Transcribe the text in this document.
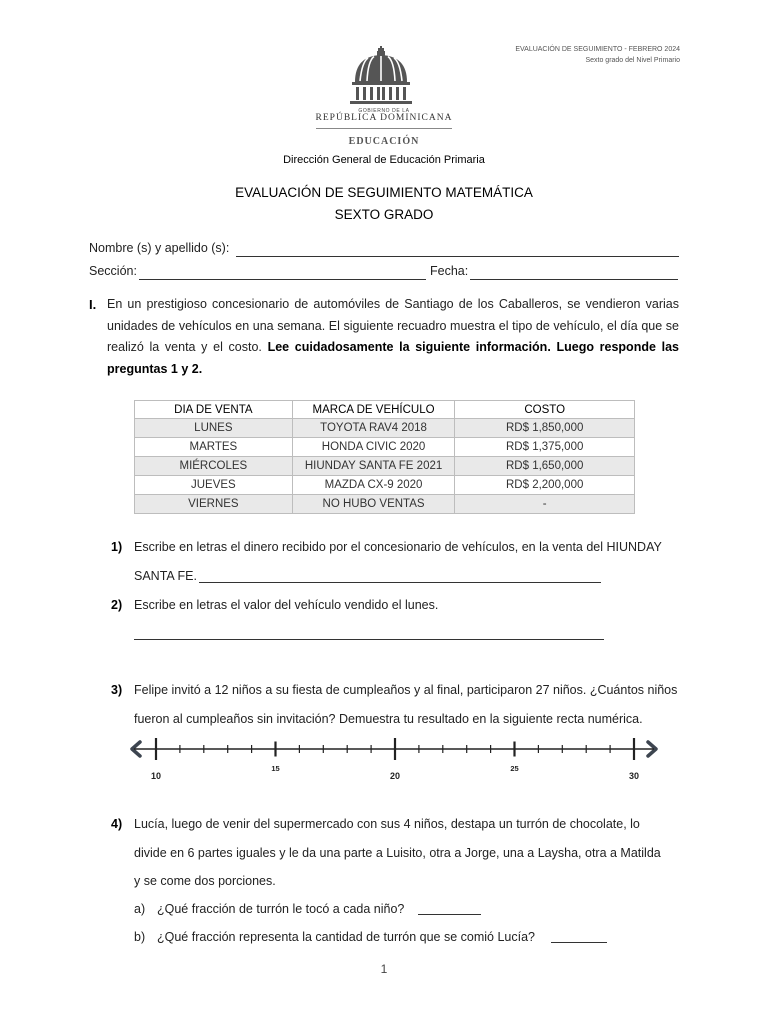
EVALUACIÓN DE SEGUIMIENTO - FEBRERO 2024
Sexto grado del Nivel Primario
GOBIERNO DE LA
REPÚBLICA DOMINICANA
EDUCACIÓN
Dirección General de Educación Primaria
EVALUACIÓN DE SEGUIMIENTO MATEMÁTICA
SEXTO GRADO
Nombre (s) y apellido (s):
Sección:	Fecha:
I. En un prestigioso concesionario de automóviles de Santiago de los Caballeros, se vendieron varias unidades de vehículos en una semana. El siguiente recuadro muestra el tipo de vehículo, el día que se realizó la venta y el costo. Lee cuidadosamente la siguiente información. Luego responde las preguntas 1 y 2.
DIA DE VENTA	MARCA DE VEHÍCULO	COSTO
LUNES	TOYOTA RAV4 2018	RD$ 1,850,000
MARTES	HONDA CIVIC 2020	RD$ 1,375,000
MIÉRCOLES	HIUNDAY SANTA FE 2021	RD$ 1,650,000
JUEVES	MAZDA CX-9 2020	RD$ 2,200,000
VIERNES	NO HUBO VENTAS	-
1) Escribe en letras el dinero recibido por el concesionario de vehículos, en la venta del HIUNDAY
SANTA FE.
2) Escribe en letras el valor del vehículo vendido el lunes.
3) Felipe invitó a 12 niños a su fiesta de cumpleaños y al final, participaron 27 niños. ¿Cuántos niños
fueron al cumpleaños sin invitación? Demuestra tu resultado en la siguiente recta numérica.
10
15
20
25
30
4) Lucía, luego de venir del supermercado con sus 4 niños, destapa un turrón de chocolate, lo
divide en 6 partes iguales y le da una parte a Luisito, otra a Jorge, una a Laysha, otra a Matilda
y se come dos porciones.
a) ¿Qué fracción de turrón le tocó a cada niño?
b) ¿Qué fracción representa la cantidad de turrón que se comió Lucía?
1
